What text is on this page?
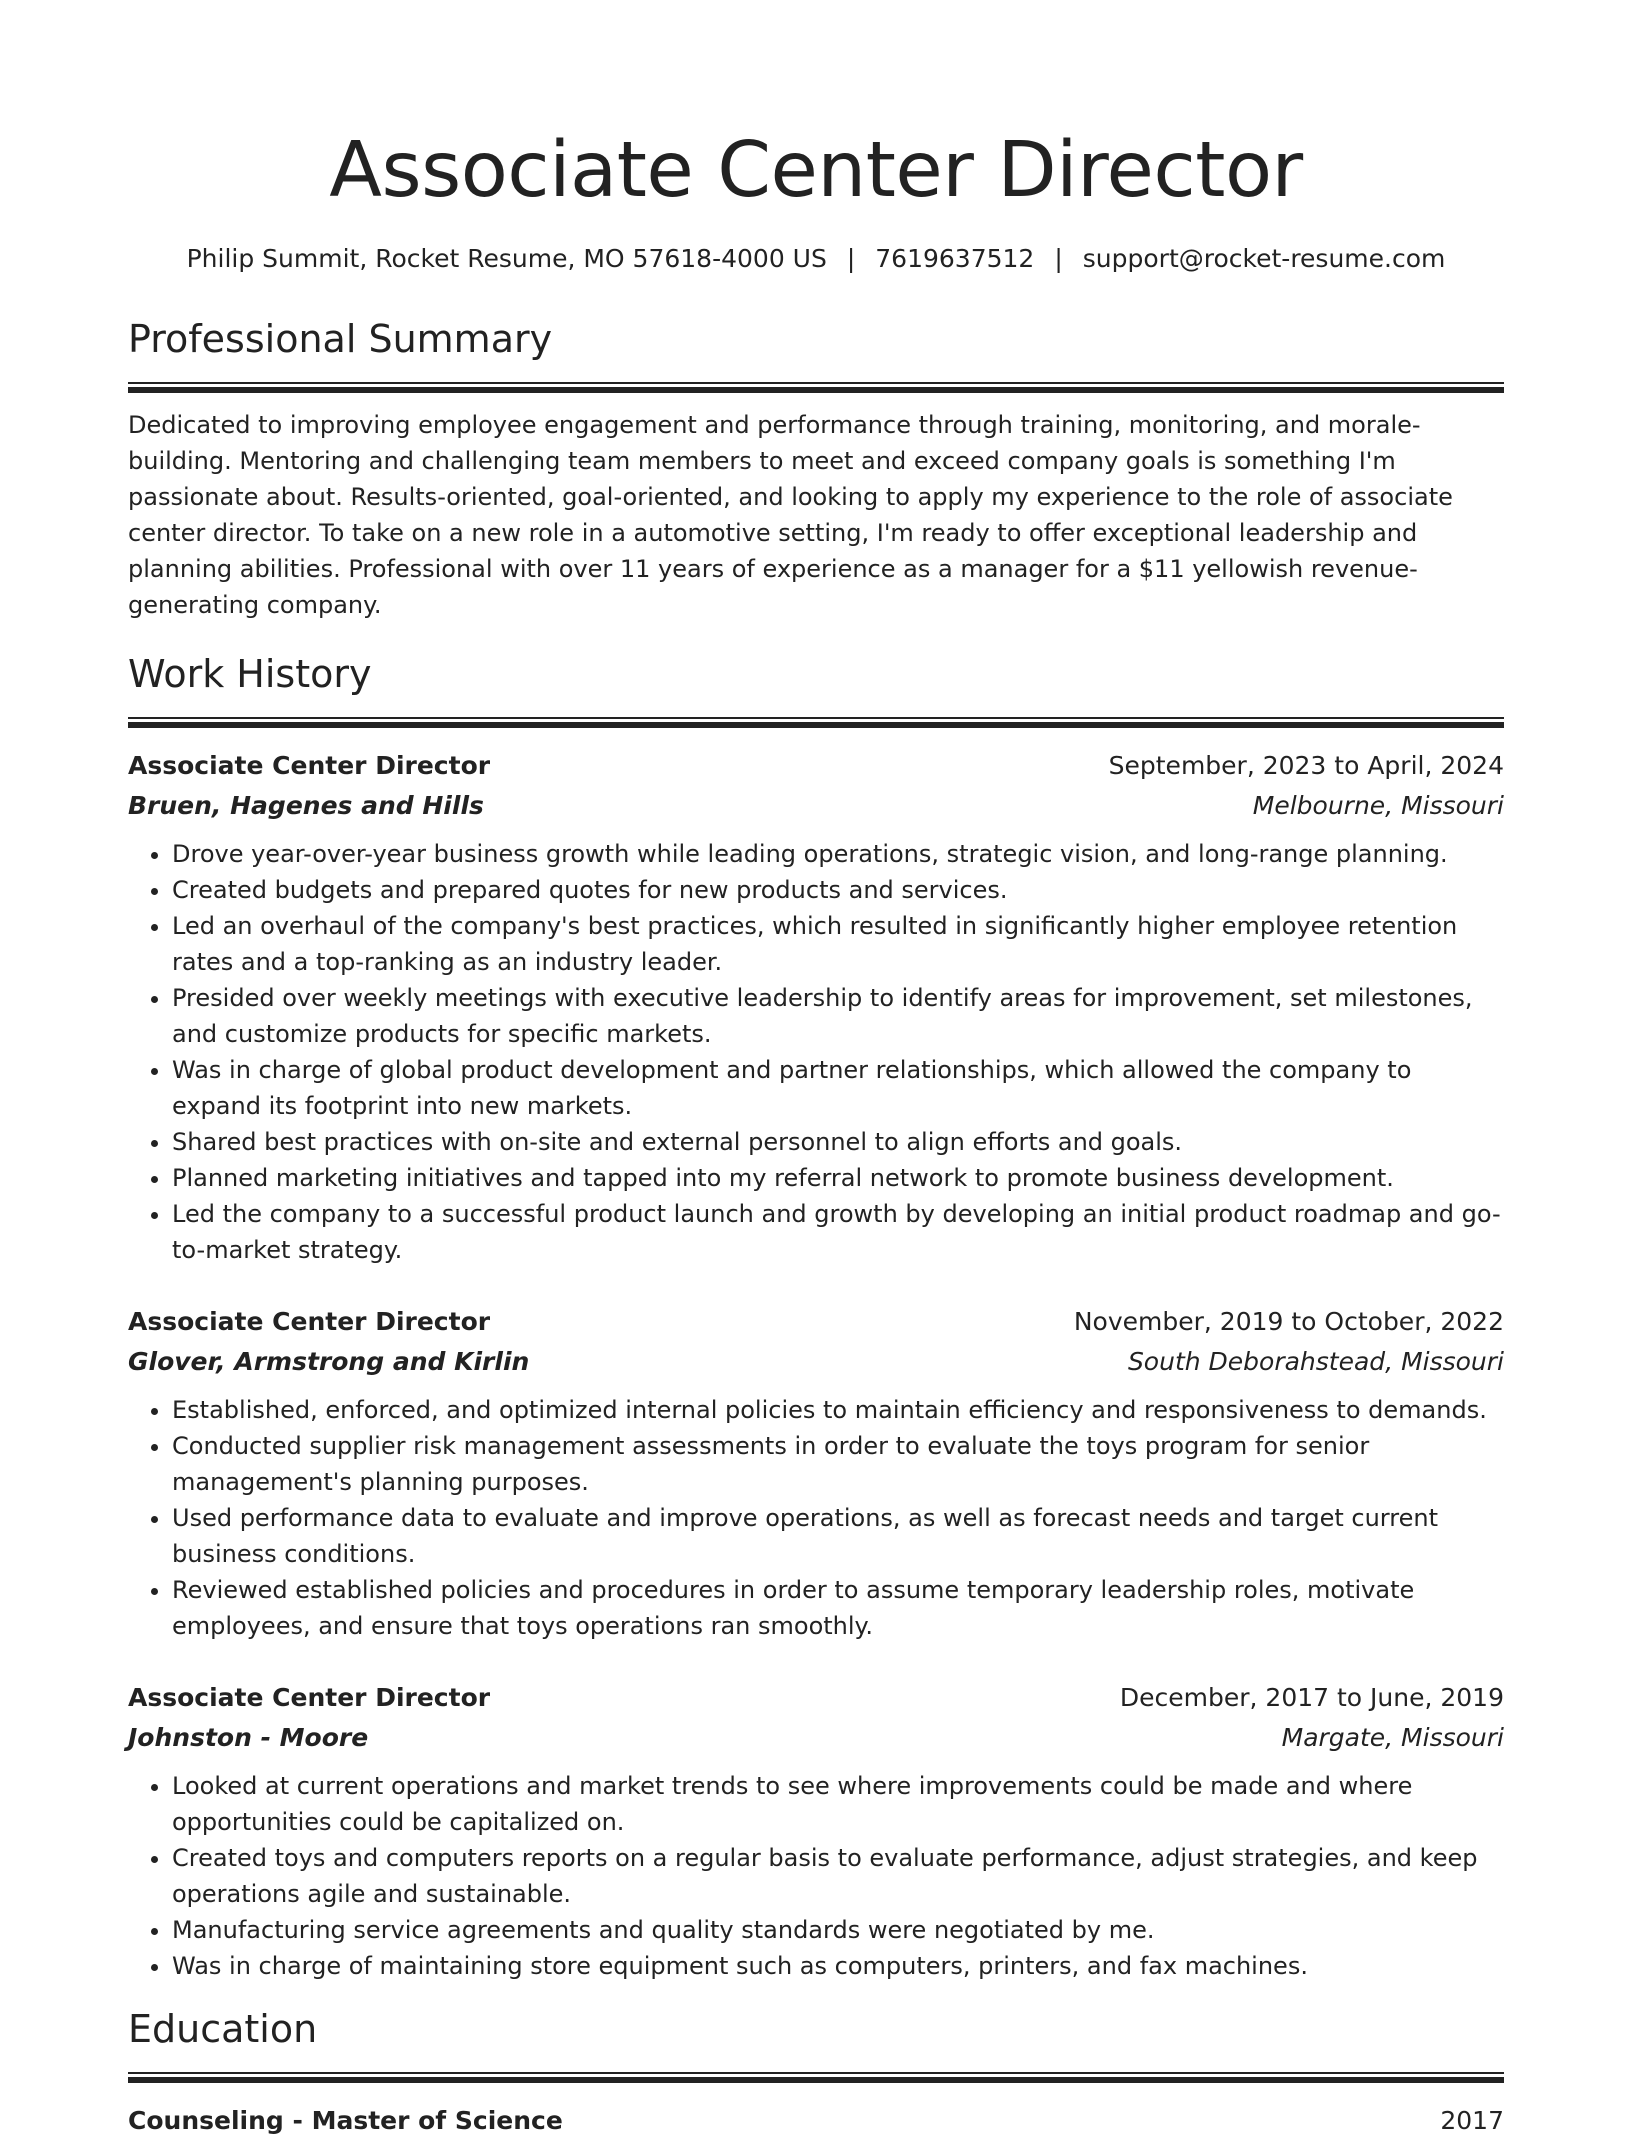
Associate Center Director
Philip Summit, Rocket Resume, MO 57618-4000 US | 7619637512 | support@rocket-resume.com
Professional Summary
Dedicated to improving employee engagement and performance through training, monitoring, and morale-building. Mentoring and challenging team members to meet and exceed company goals is something I'm passionate about. Results-oriented, goal-oriented, and looking to apply my experience to the role of associate center director. To take on a new role in a automotive setting, I'm ready to offer exceptional leadership and planning abilities. Professional with over 11 years of experience as a manager for a $11 yellowish revenue-generating company.
Work History
Associate Center Director	September, 2023 to April, 2024
Bruen, Hagenes and Hills	Melbourne, Missouri
• Drove year-over-year business growth while leading operations, strategic vision, and long-range planning.
• Created budgets and prepared quotes for new products and services.
• Led an overhaul of the company's best practices, which resulted in significantly higher employee retention rates and a top-ranking as an industry leader.
• Presided over weekly meetings with executive leadership to identify areas for improvement, set milestones, and customize products for specific markets.
• Was in charge of global product development and partner relationships, which allowed the company to expand its footprint into new markets.
• Shared best practices with on-site and external personnel to align efforts and goals.
• Planned marketing initiatives and tapped into my referral network to promote business development.
• Led the company to a successful product launch and growth by developing an initial product roadmap and go-to-market strategy.
Associate Center Director	November, 2019 to October, 2022
Glover, Armstrong and Kirlin	South Deborahstead, Missouri
• Established, enforced, and optimized internal policies to maintain efficiency and responsiveness to demands.
• Conducted supplier risk management assessments in order to evaluate the toys program for senior management's planning purposes.
• Used performance data to evaluate and improve operations, as well as forecast needs and target current business conditions.
• Reviewed established policies and procedures in order to assume temporary leadership roles, motivate employees, and ensure that toys operations ran smoothly.
Associate Center Director	December, 2017 to June, 2019
Johnston - Moore	Margate, Missouri
• Looked at current operations and market trends to see where improvements could be made and where opportunities could be capitalized on.
• Created toys and computers reports on a regular basis to evaluate performance, adjust strategies, and keep operations agile and sustainable.
• Manufacturing service agreements and quality standards were negotiated by me.
• Was in charge of maintaining store equipment such as computers, printers, and fax machines.
Education
Counseling - Master of Science	2017
